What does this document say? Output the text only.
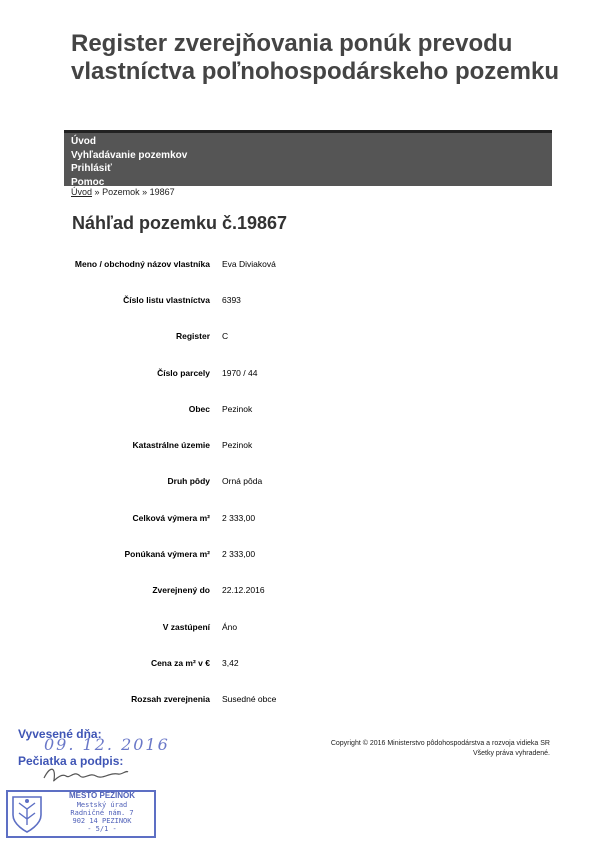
Register zverejňovania ponúk prevodu vlastníctva poľnohospodárskeho pozemku
Úvod
Vyhľadávanie pozemkov
Prihlásiť
Pomoc
Úvod » Pozemok » 19867
Náhľad pozemku č.19867
Meno / obchodný názov vlastníka	Eva Diviaková
Číslo listu vlastníctva	6393
Register	C
Číslo parcely	1970 / 44
Obec	Pezinok
Katastrálne územie	Pezinok
Druh pôdy	Orná pôda
Celková výmera m²	2 333,00
Ponúkaná výmera m²	2 333,00
Zverejnený do	22.12.2016
V zastúpení	Áno
Cena za m² v €	3,42
Rozsah zverejnenia	Susedné obce
Copyright © 2016 Ministerstvo pôdohospodárstva a rozvoja vidieka SR
Všetky práva vyhradené.
Vyvesené dňa:
09. 12. 2016
Pečiatka a podpis:
MESTO PEZINOK
Mestský úrad
Radničné nám. 7
902 14 PEZINOK
- 5/1 -
